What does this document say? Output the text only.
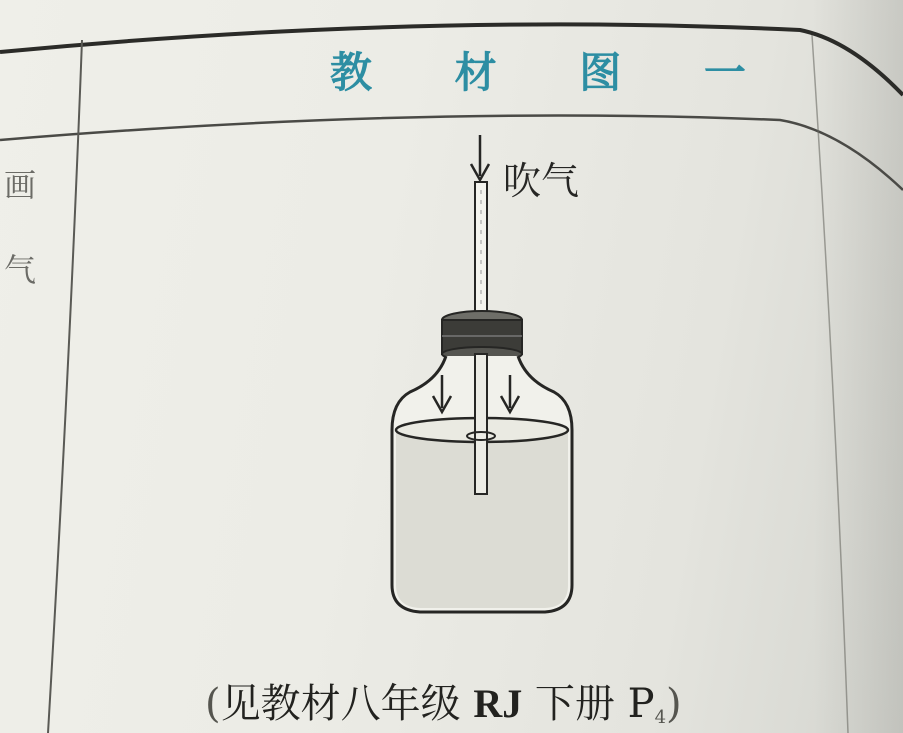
教 材 图 一
画
气
吹气
(见教材八年级 RJ 下册 $P_4$)
